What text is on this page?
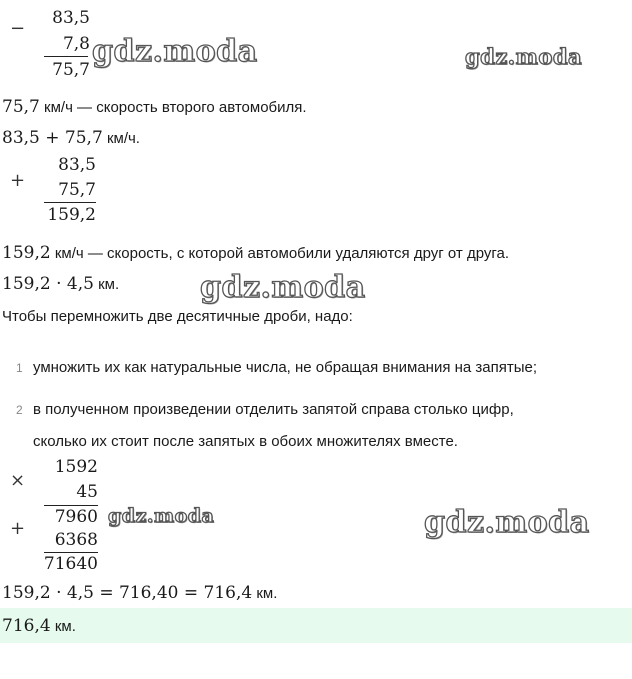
−	83,5
7,8
75,7
gdz.moda	gdz.moda
75,7 км/ч — скорость второго автомобиля.
83,5 + 75,7 км/ч.
+
83,5
75,7
159,2
159,2 км/ч — скорость, с которой автомобили удаляются друг от друга.
159,2 · 4,5 км.	gdz.moda
Чтобы перемножить две десятичные дроби, надо:
1 умножить их как натуральные числа, не обращая внимания на запятые;
2 в полученном произведении отделить запятой справа столько цифр,
сколько их стоит после запятых в обоих множителях вместе.
×
1592
45
7960
+
6368
71640
gdz.moda	gdz.moda
159,2 · 4,5 = 716,40 = 716,4 км.
716,4 км.
